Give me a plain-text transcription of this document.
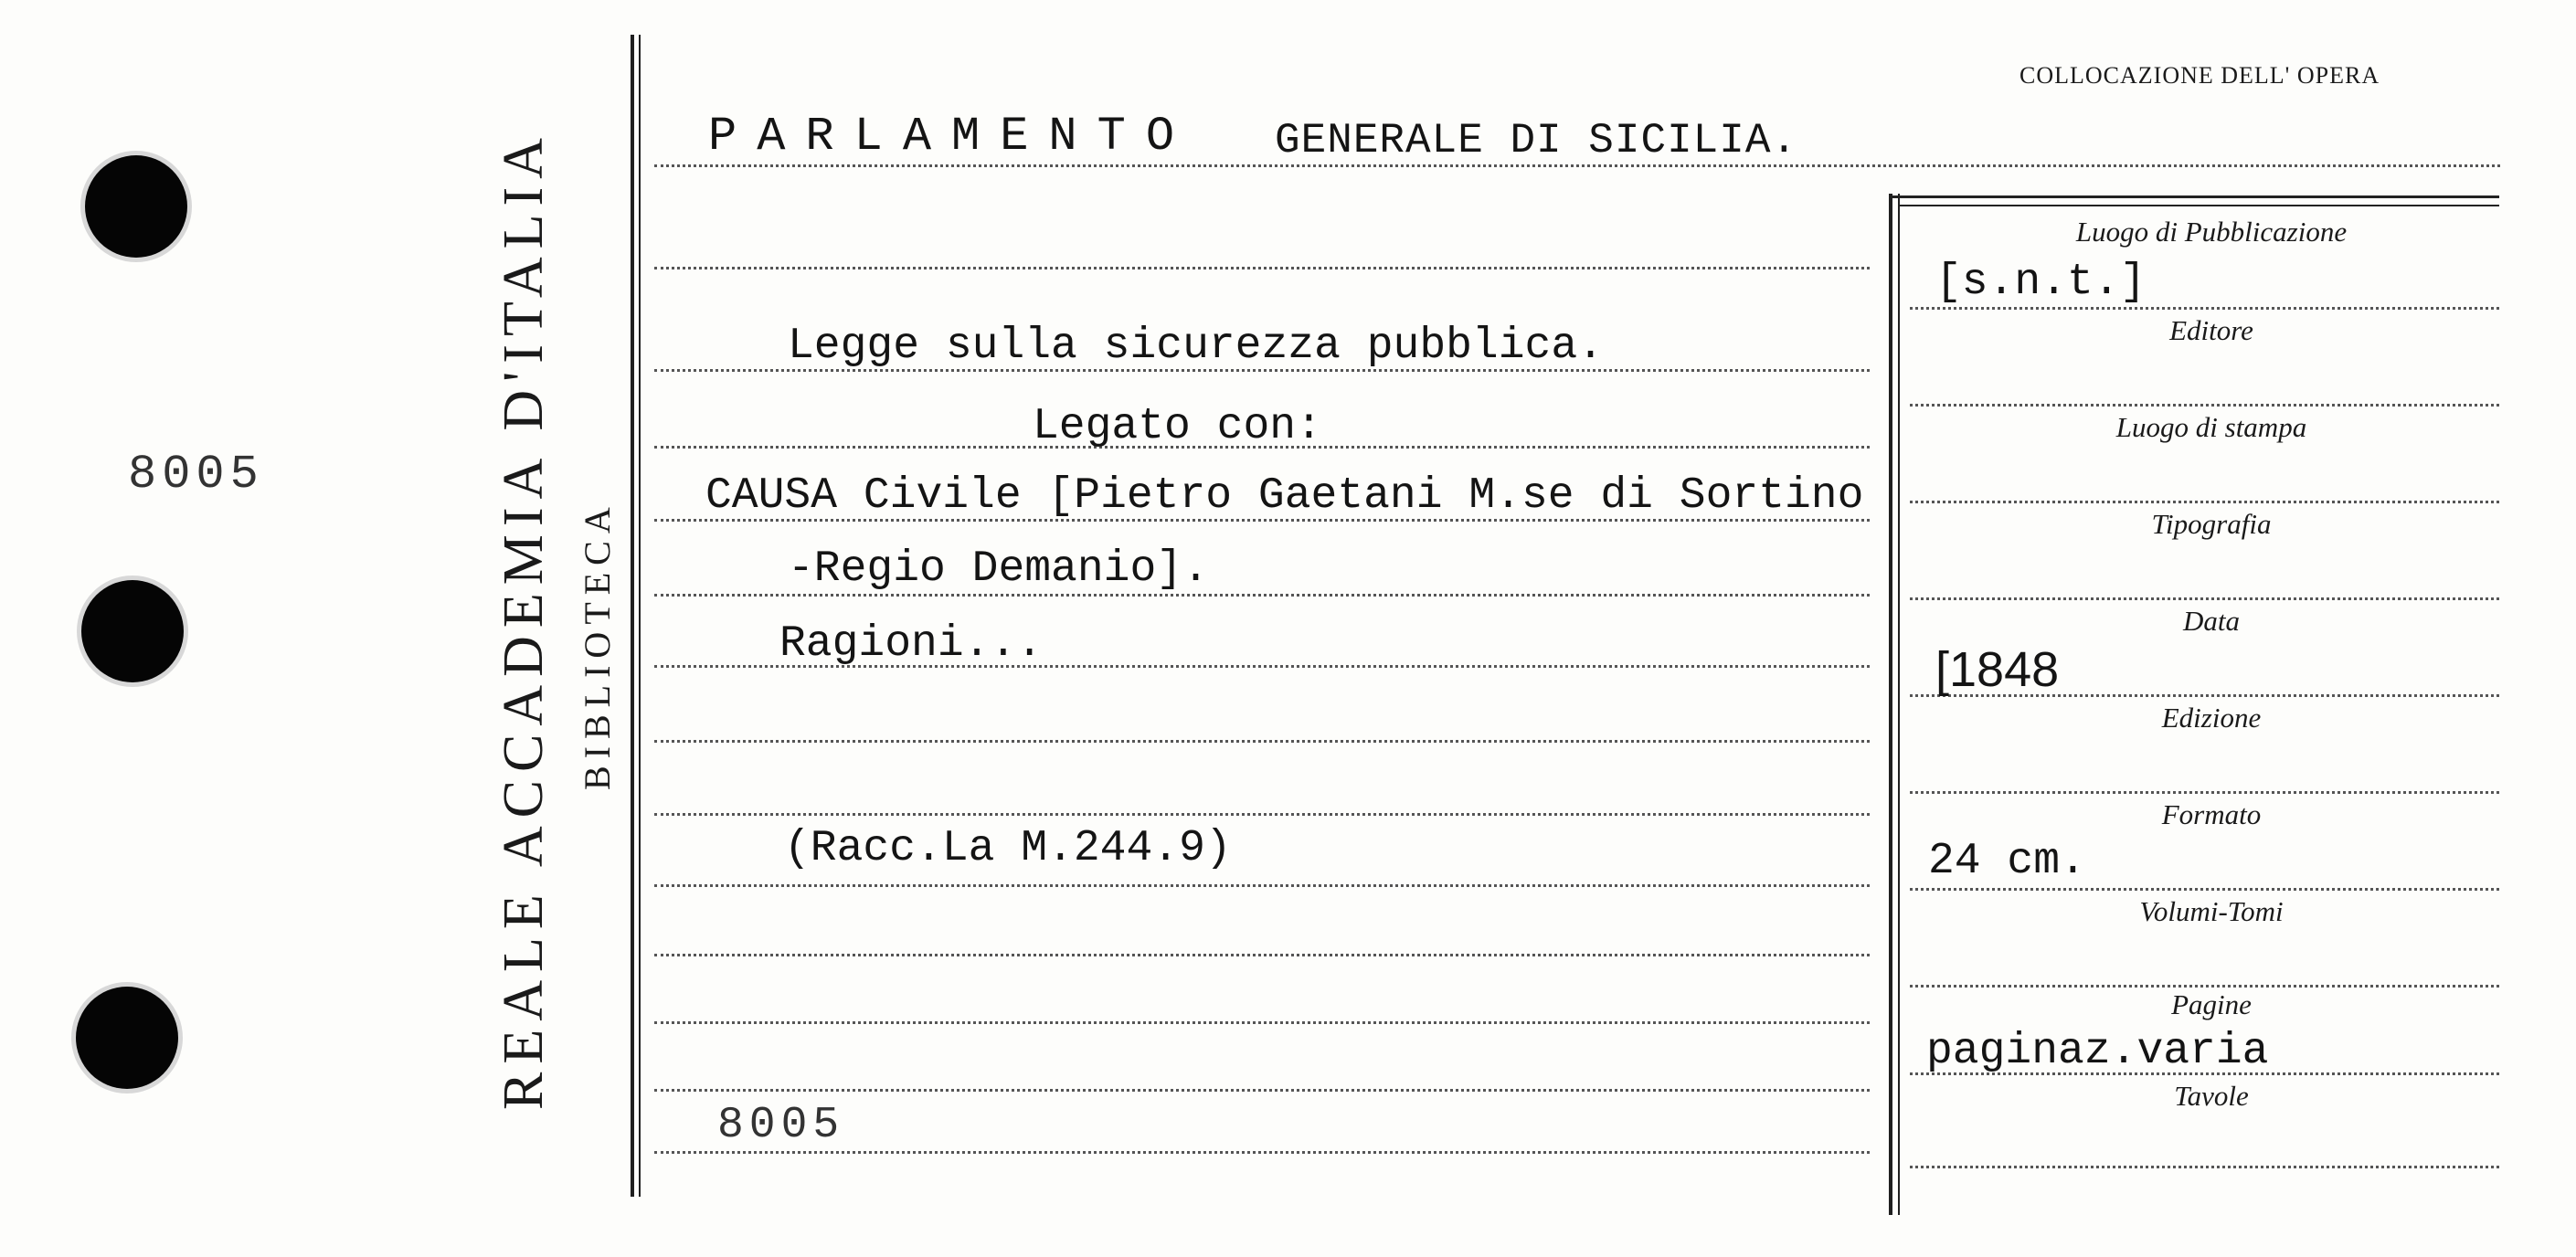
8005	REALE ACCADEMIA D'ITALIA BIBLIOTECA
COLLOCAZIONE DELL' OPERA
PARLAMENTO GENERALE DI SICILIA.
Legge sulla sicurezza pubblica.
Legato con:
CAUSA Civile [Pietro Gaetani M.se di Sortino
-Regio Demanio].
Ragioni...
(Racc.La M.244.9)
8005
Luogo di Pubblicazione
Editore
Luogo di stampa
Tipografia
Data
Edizione
Formato
Volumi-Tomi
Pagine
Tavole
[s.n.t.]
[1848
24 cm.
paginaz.varia
